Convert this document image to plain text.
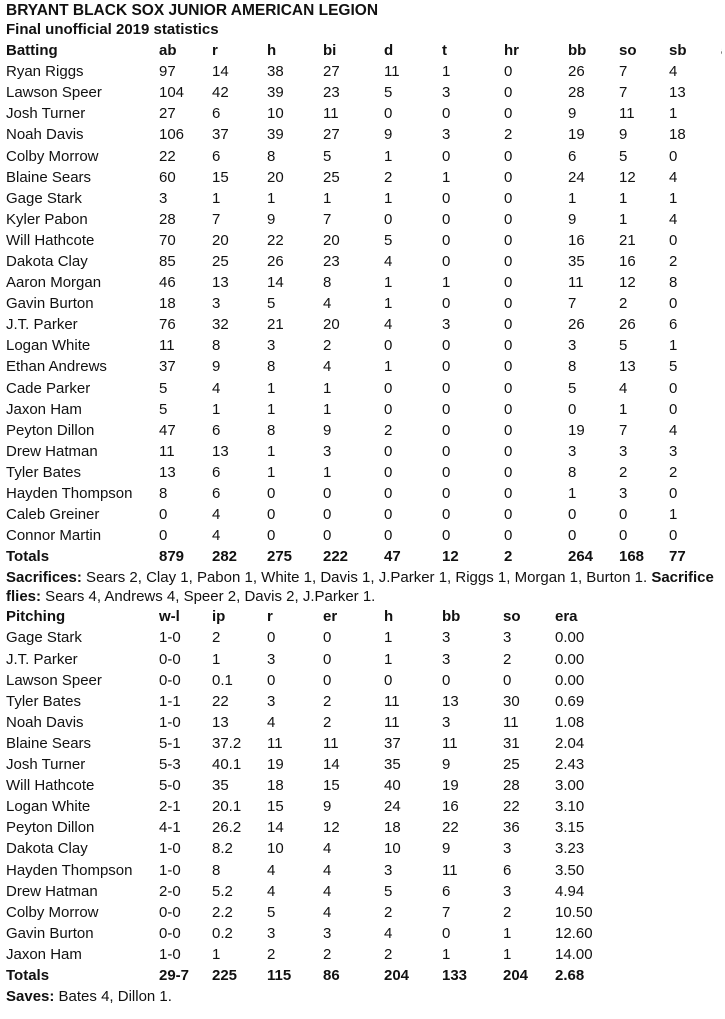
BRYANT BLACK SOX JUNIOR AMERICAN LEGION
Final unofficial 2019 statistics
Batting	ab	r	h	bi	d	t	hr	bb	so	sb
Ryan Riggs	97	14	38	27	11	1	0	26	7	4
Lawson Speer	104	42	39	23	5	3	0	28	7	13
Josh Turner	27	6	10	11	0	0	0	9	11	1
Noah Davis	106	37	39	27	9	3	2	19	9	18
Colby Morrow	22	6	8	5	1	0	0	6	5	0
Blaine Sears	60	15	20	25	2	1	0	24	12	4
Gage Stark	3	1	1	1	1	0	0	1	1	1
Kyler Pabon	28	7	9	7	0	0	0	9	1	4
Will Hathcote	70	20	22	20	5	0	0	16	21	0
Dakota Clay	85	25	26	23	4	0	0	35	16	2
Aaron Morgan	46	13	14	8	1	1	0	11	12	8
Gavin Burton	18	3	5	4	1	0	0	7	2	0
J.T. Parker	76	32	21	20	4	3	0	26	26	6
Logan White	11	8	3	2	0	0	0	3	5	1
Ethan Andrews	37	9	8	4	1	0	0	8	13	5
Cade Parker	5	4	1	1	0	0	0	5	4	0
Jaxon Ham	5	1	1	1	0	0	0	0	1	0
Peyton Dillon	47	6	8	9	2	0	0	19	7	4
Drew Hatman	11	13	1	3	0	0	0	3	3	3
Tyler Bates	13	6	1	1	0	0	0	8	2	2
Hayden Thompson	8	6	0	0	0	0	0	1	3	0
Caleb Greiner	0	4	0	0	0	0	0	0	0	1
Connor Martin	0	4	0	0	0	0	0	0	0	0
Totals	879	282	275	222	47	12	2	264	168	77
Sacrifices: Sears 2, Clay 1, Pabon 1, White 1, Davis 1, J.Parker 1, Riggs 1, Morgan 1, Burton 1. Sacrifice flies: Sears 4, Andrews 4, Speer 2, Davis 2, J.Parker 1.
Pitching	w-l	ip	r	er	h	bb	so	era
Gage Stark	1-0	2	0	0	1	3	3	0.00
J.T. Parker	0-0	1	3	0	1	3	2	0.00
Lawson Speer	0-0	0.1	0	0	0	0	0	0.00
Tyler Bates	1-1	22	3	2	11	13	30	0.69
Noah Davis	1-0	13	4	2	11	3	11	1.08
Blaine Sears	5-1	37.2	11	11	37	11	31	2.04
Josh Turner	5-3	40.1	19	14	35	9	25	2.43
Will Hathcote	5-0	35	18	15	40	19	28	3.00
Logan White	2-1	20.1	15	9	24	16	22	3.10
Peyton Dillon	4-1	26.2	14	12	18	22	36	3.15
Dakota Clay	1-0	8.2	10	4	10	9	3	3.23
Hayden Thompson	1-0	8	4	4	3	11	6	3.50
Drew Hatman	2-0	5.2	4	4	5	6	3	4.94
Colby Morrow	0-0	2.2	5	4	2	7	2	10.50
Gavin Burton	0-0	0.2	3	3	4	0	1	12.60
Jaxon Ham	1-0	1	2	2	2	1	1	14.00
Totals	29-7	225	115	86	204	133	204	2.68
Saves: Bates 4, Dillon 1.
